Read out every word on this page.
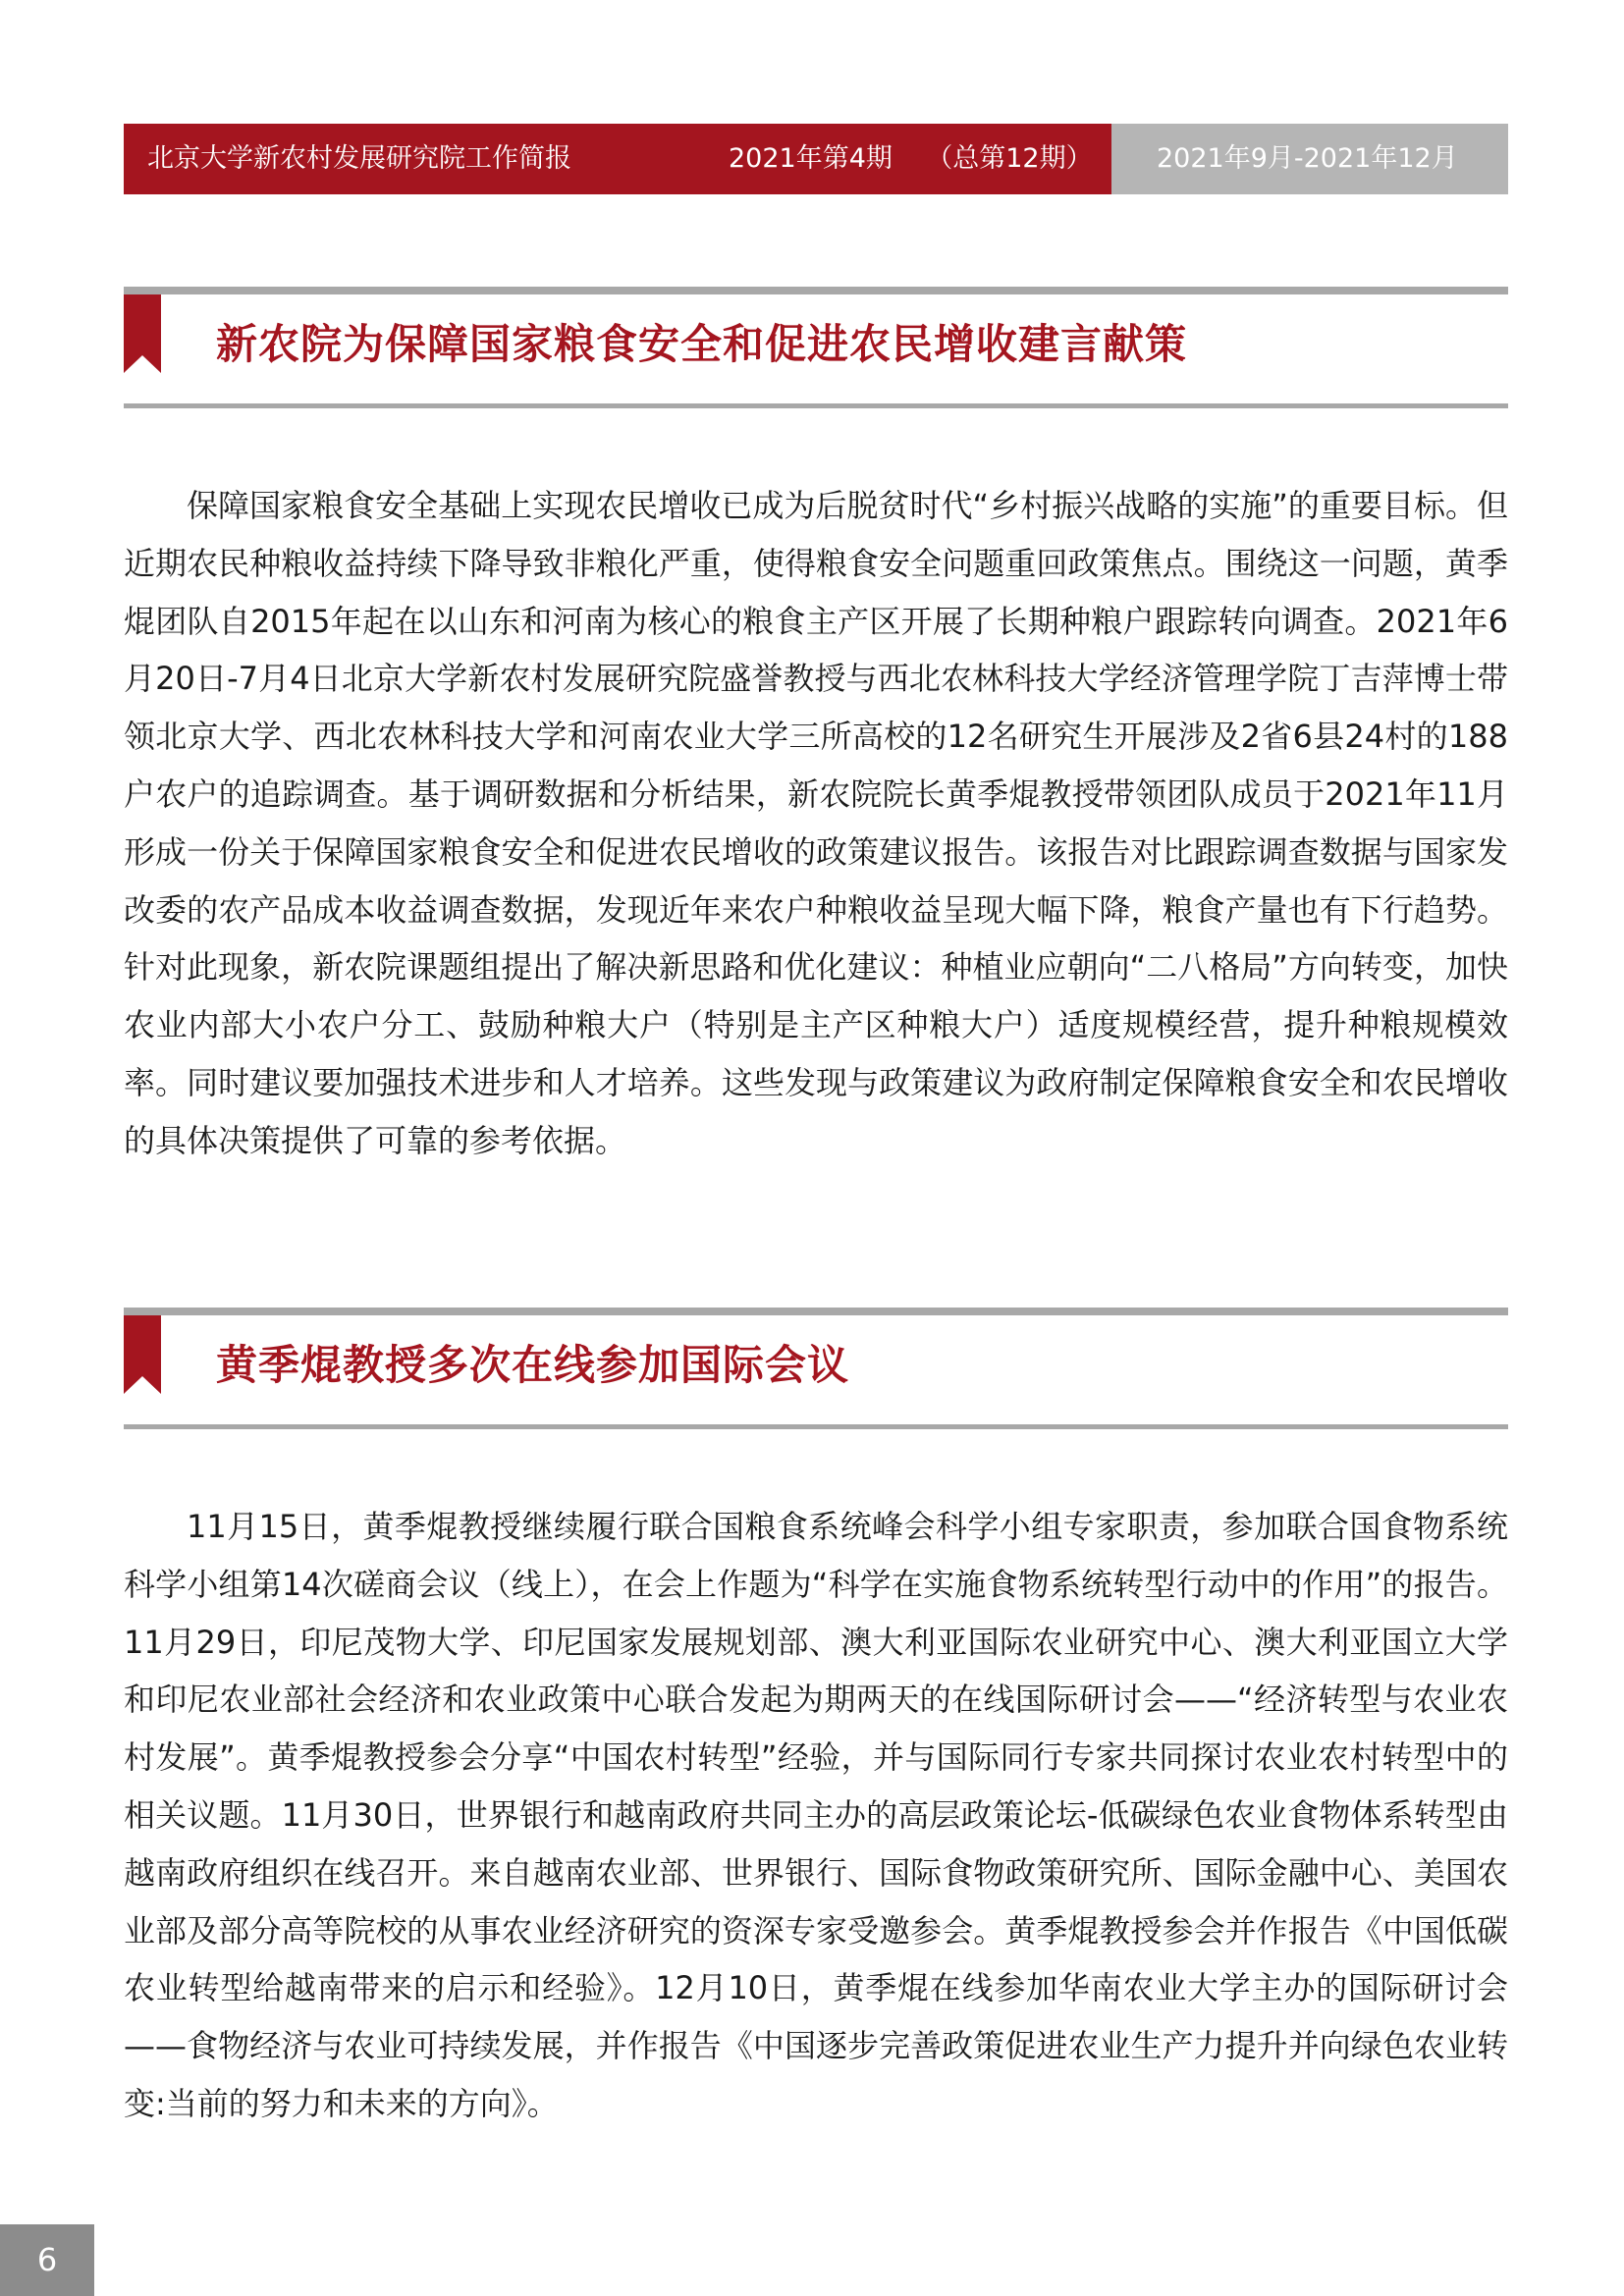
北京大学新农村发展研究院工作简报	2021年第4期    （总第12期） 2021年9月-2021年12月
新农院为保障国家粮食安全和促进农民增收建言献策

保障国家粮食安全基础上实现农民增收已成为后脱贫时代“乡村振兴战略的实施”的重要目标。但近期农民种粮收益持续下降导致非粮化严重，使得粮食安全问题重回政策焦点。围绕这一问题，黄季焜团队自2015年起在以山东和河南为核心的粮食主产区开展了长期种粮户跟踪转向调查。2021年6月20日-7月4日北京大学新农村发展研究院盛誉教授与西北农林科技大学经济管理学院丁吉萍博士带领北京大学、西北农林科技大学和河南农业大学三所高校的12名研究生开展涉及2省6县24村的188户农户的追踪调查。基于调研数据和分析结果，新农院院长黄季焜教授带领团队成员于2021年11月形成一份关于保障国家粮食安全和促进农民增收的政策建议报告。该报告对比跟踪调查数据与国家发改委的农产品成本收益调查数据，发现近年来农户种粮收益呈现大幅下降，粮食产量也有下行趋势。针对此现象，新农院课题组提出了解决新思路和优化建议：种植业应朝向“二八格局”方向转变，加快农业内部大小农户分工、鼓励种粮大户（特别是主产区种粮大户）适度规模经营，提升种粮规模效率。同时建议要加强技术进步和人才培养。这些发现与政策建议为政府制定保障粮食安全和农民增收的具体决策提供了可靠的参考依据。

黄季焜教授多次在线参加国际会议

11月15日，黄季焜教授继续履行联合国粮食系统峰会科学小组专家职责，参加联合国食物系统科学小组第14次磋商会议（线上），在会上作题为“科学在实施食物系统转型行动中的作用”的报告。11月29日，印尼茂物大学、印尼国家发展规划部、澳大利亚国际农业研究中心、澳大利亚国立大学和印尼农业部社会经济和农业政策中心联合发起为期两天的在线国际研讨会——“经济转型与农业农村发展”。黄季焜教授参会分享“中国农村转型”经验，并与国际同行专家共同探讨农业农村转型中的相关议题。11月30日，世界银行和越南政府共同主办的高层政策论坛-低碳绿色农业食物体系转型由越南政府组织在线召开。来自越南农业部、世界银行、国际食物政策研究所、国际金融中心、美国农业部及部分高等院校的从事农业经济研究的资深专家受邀参会。黄季焜教授参会并作报告《中国低碳农业转型给越南带来的启示和经验》。12月10日，黄季焜在线参加华南农业大学主办的国际研讨会——食物经济与农业可持续发展，并作报告《中国逐步完善政策促进农业生产力提升并向绿色农业转变:当前的努力和未来的方向》。

6
